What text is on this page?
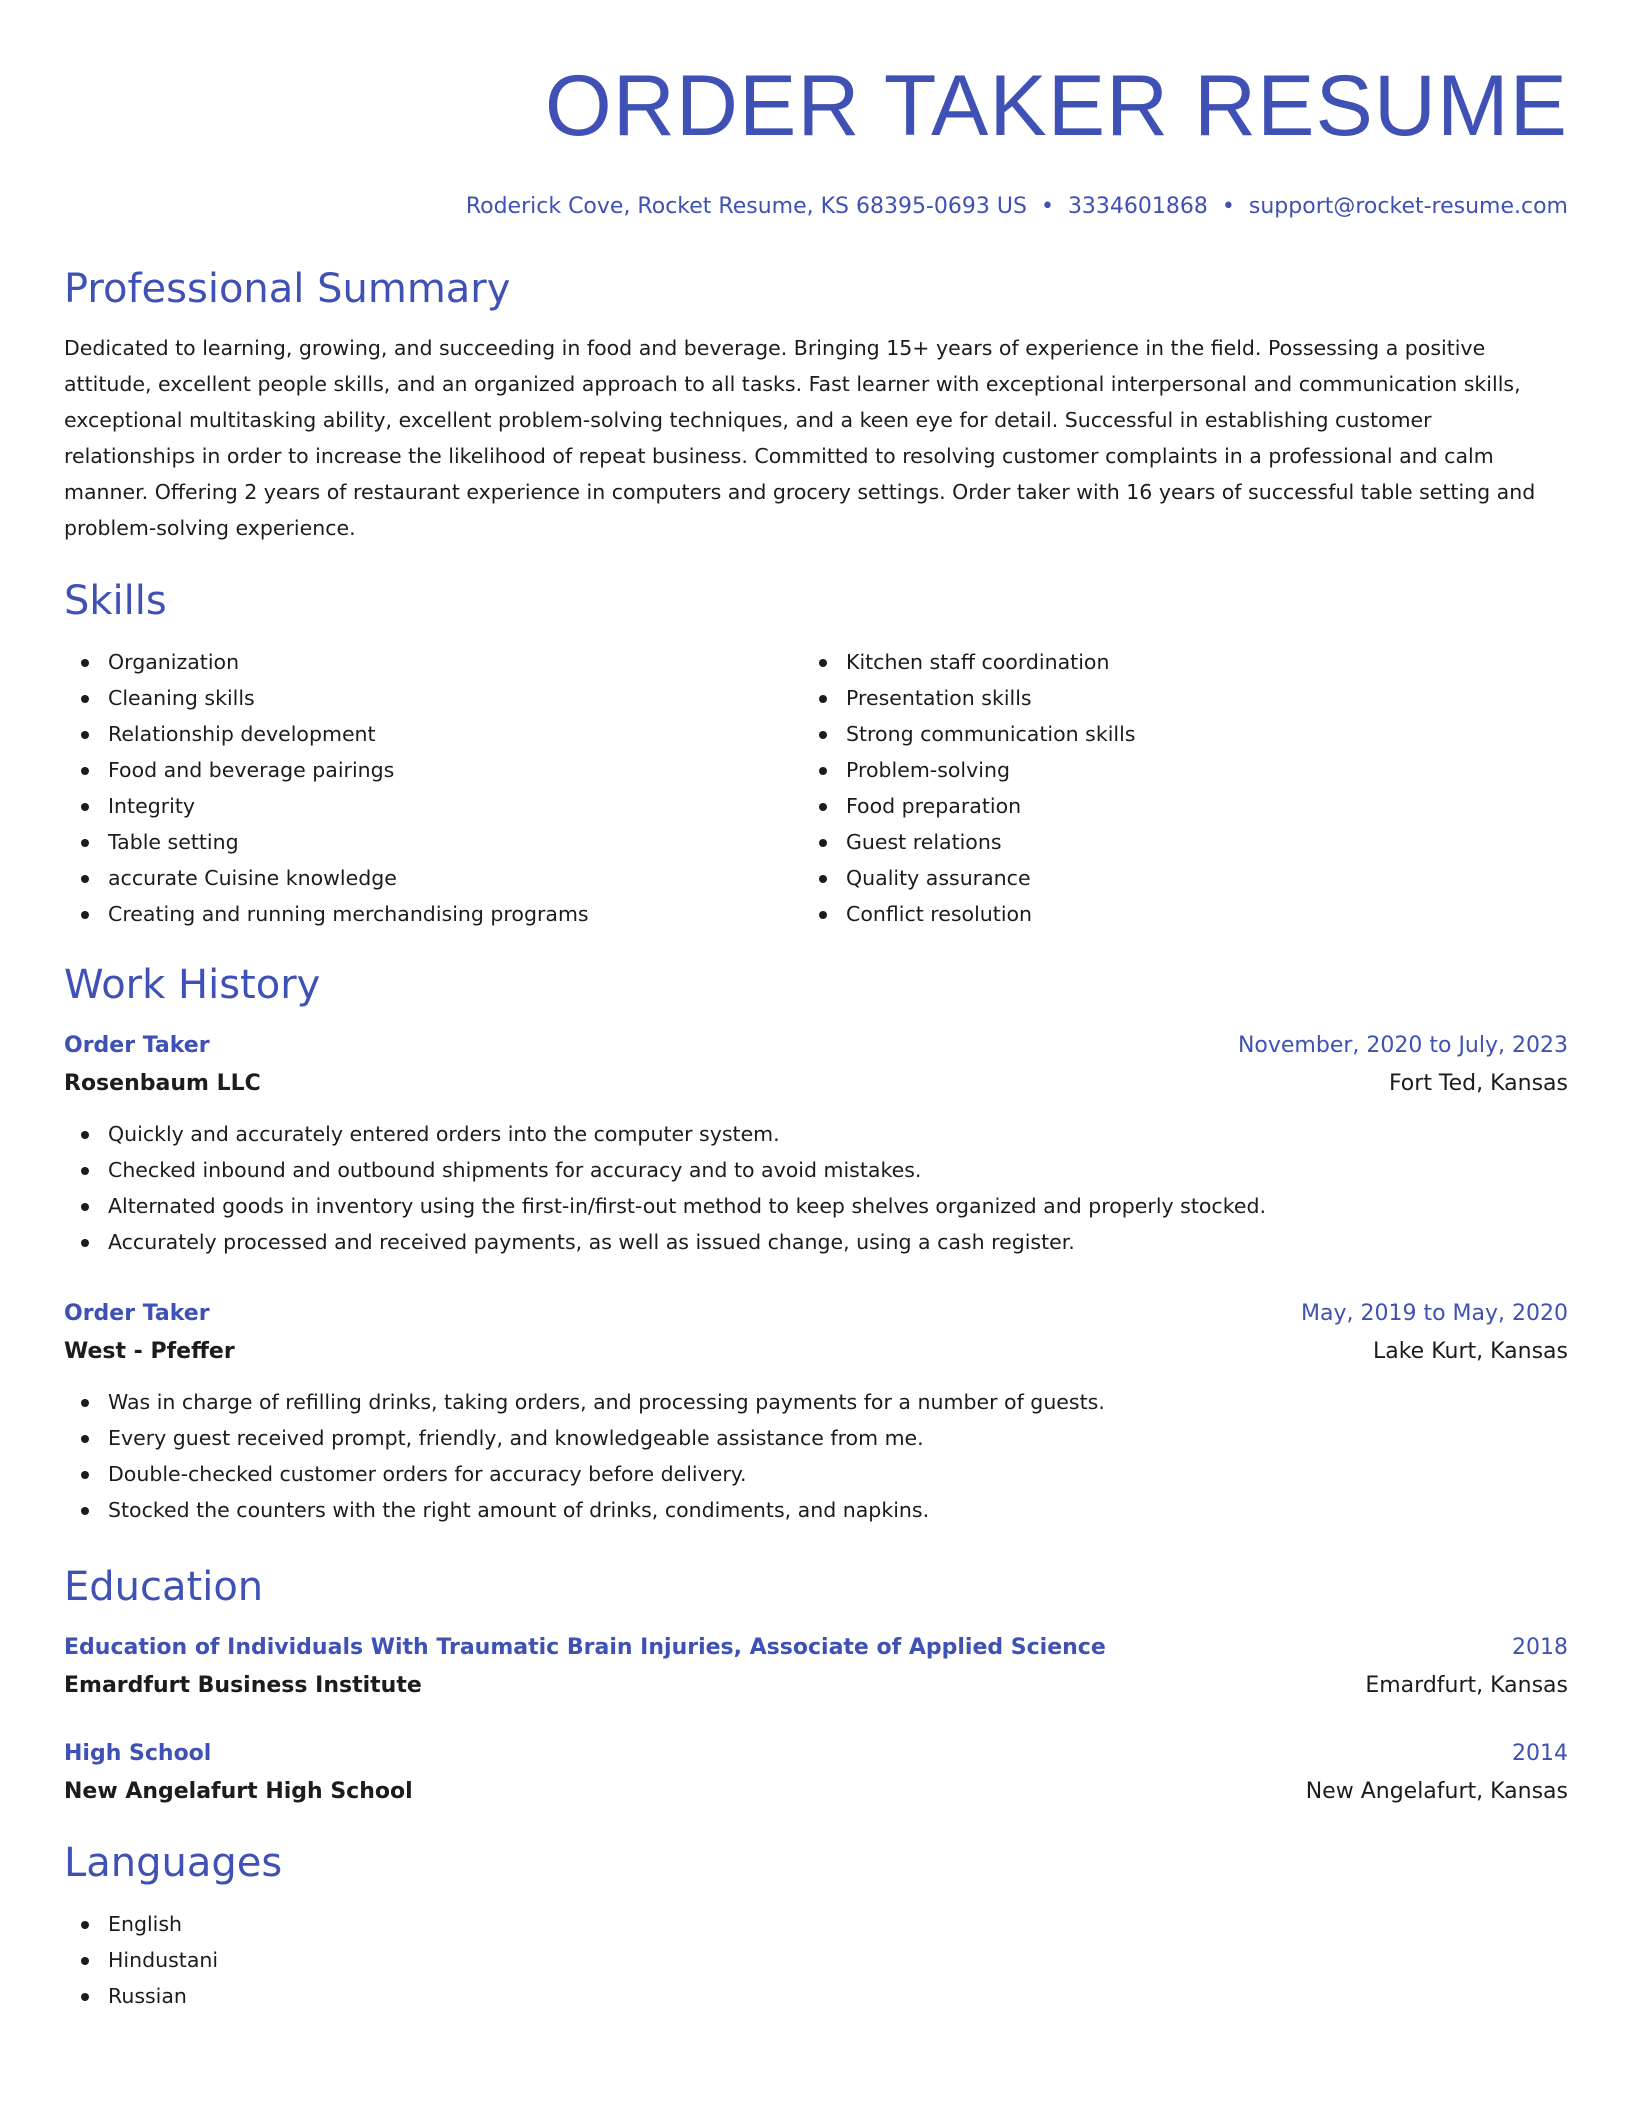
ORDER TAKER RESUME
Roderick Cove, Rocket Resume, KS 68395-0693 US • 3334601868 • support@rocket-resume.com
Professional Summary

Dedicated to learning, growing, and succeeding in food and beverage. Bringing 15+ years of experience in the field. Possessing a positive attitude, excellent people skills, and an organized approach to all tasks. Fast learner with exceptional interpersonal and communication skills, exceptional multitasking ability, excellent problem-solving techniques, and a keen eye for detail. Successful in establishing customer relationships in order to increase the likelihood of repeat business. Committed to resolving customer complaints in a professional and calm manner. Offering 2 years of restaurant experience in computers and grocery settings. Order taker with 16 years of successful table setting and problem-solving experience.

Skills
Organization
Cleaning skills
Relationship development
Food and beverage pairings
Integrity
Table setting
accurate Cuisine knowledge
Creating and running merchandising programs
Kitchen staff coordination
Presentation skills
Strong communication skills
Problem-solving
Food preparation
Guest relations
Quality assurance
Conflict resolution
Work History
Order Taker	November, 2020 to July, 2023
Rosenbaum LLC	Fort Ted, Kansas
Quickly and accurately entered orders into the computer system.
Checked inbound and outbound shipments for accuracy and to avoid mistakes.
Alternated goods in inventory using the first-in/first-out method to keep shelves organized and properly stocked.
Accurately processed and received payments, as well as issued change, using a cash register.
Order Taker	May, 2019 to May, 2020
West - Pfeffer	Lake Kurt, Kansas
Was in charge of refilling drinks, taking orders, and processing payments for a number of guests.
Every guest received prompt, friendly, and knowledgeable assistance from me.
Double-checked customer orders for accuracy before delivery.
Stocked the counters with the right amount of drinks, condiments, and napkins.
Education
Education of Individuals With Traumatic Brain Injuries, Associate of Applied Science	2018
Emardfurt Business Institute	Emardfurt, Kansas
High School	2014
New Angelafurt High School	New Angelafurt, Kansas
Languages
English
Hindustani
Russian
